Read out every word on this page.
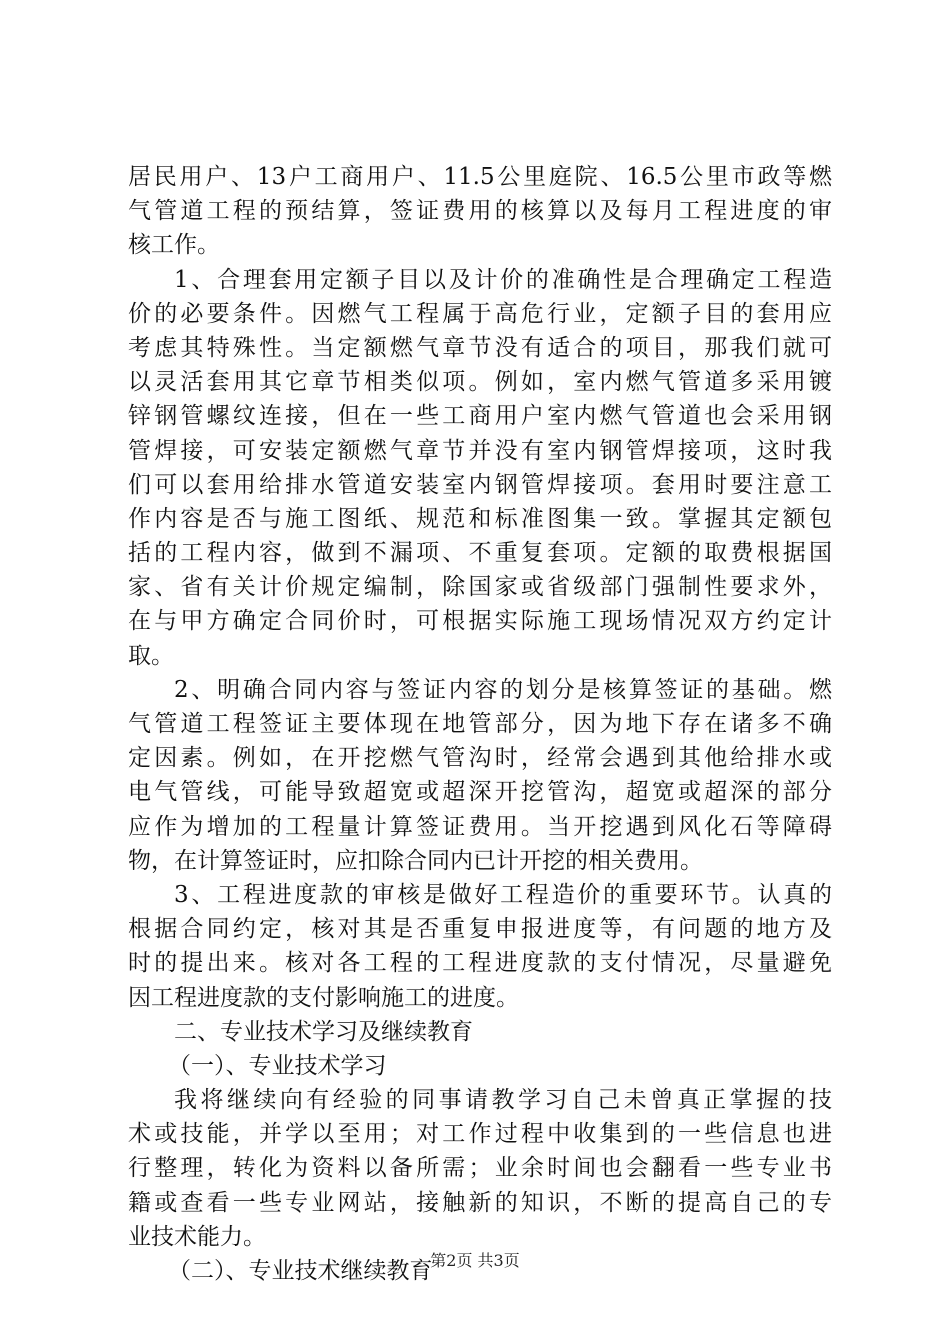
居民用户、13户工商用户、11.5公里庭院、16.5公里市政等燃
气管道工程的预结算，签证费用的核算以及每月工程进度的审
核工作。
1、合理套用定额子目以及计价的准确性是合理确定工程造
价的必要条件。因燃气工程属于高危行业，定额子目的套用应
考虑其特殊性。当定额燃气章节没有适合的项目，那我们就可
以灵活套用其它章节相类似项。例如，室内燃气管道多采用镀
锌钢管螺纹连接，但在一些工商用户室内燃气管道也会采用钢
管焊接，可安装定额燃气章节并没有室内钢管焊接项，这时我
们可以套用给排水管道安装室内钢管焊接项。套用时要注意工
作内容是否与施工图纸、规范和标准图集一致。掌握其定额包
括的工程内容，做到不漏项、不重复套项。定额的取费根据国
家、省有关计价规定编制，除国家或省级部门强制性要求外，
在与甲方确定合同价时，可根据实际施工现场情况双方约定计
取。
2、明确合同内容与签证内容的划分是核算签证的基础。燃
气管道工程签证主要体现在地管部分，因为地下存在诸多不确
定因素。例如，在开挖燃气管沟时，经常会遇到其他给排水或
电气管线，可能导致超宽或超深开挖管沟，超宽或超深的部分
应作为增加的工程量计算签证费用。当开挖遇到风化石等障碍
物，在计算签证时，应扣除合同内已计开挖的相关费用。
3、工程进度款的审核是做好工程造价的重要环节。认真的
根据合同约定，核对其是否重复申报进度等，有问题的地方及
时的提出来。核对各工程的工程进度款的支付情况，尽量避免
因工程进度款的支付影响施工的进度。
二、专业技术学习及继续教育
（一）、专业技术学习
我将继续向有经验的同事请教学习自己未曾真正掌握的技
术或技能，并学以至用；对工作过程中收集到的一些信息也进
行整理，转化为资料以备所需；业余时间也会翻看一些专业书
籍或查看一些专业网站，接触新的知识，不断的提高自己的专
业技术能力。
（二）、专业技术继续教育
第2页 共3页
